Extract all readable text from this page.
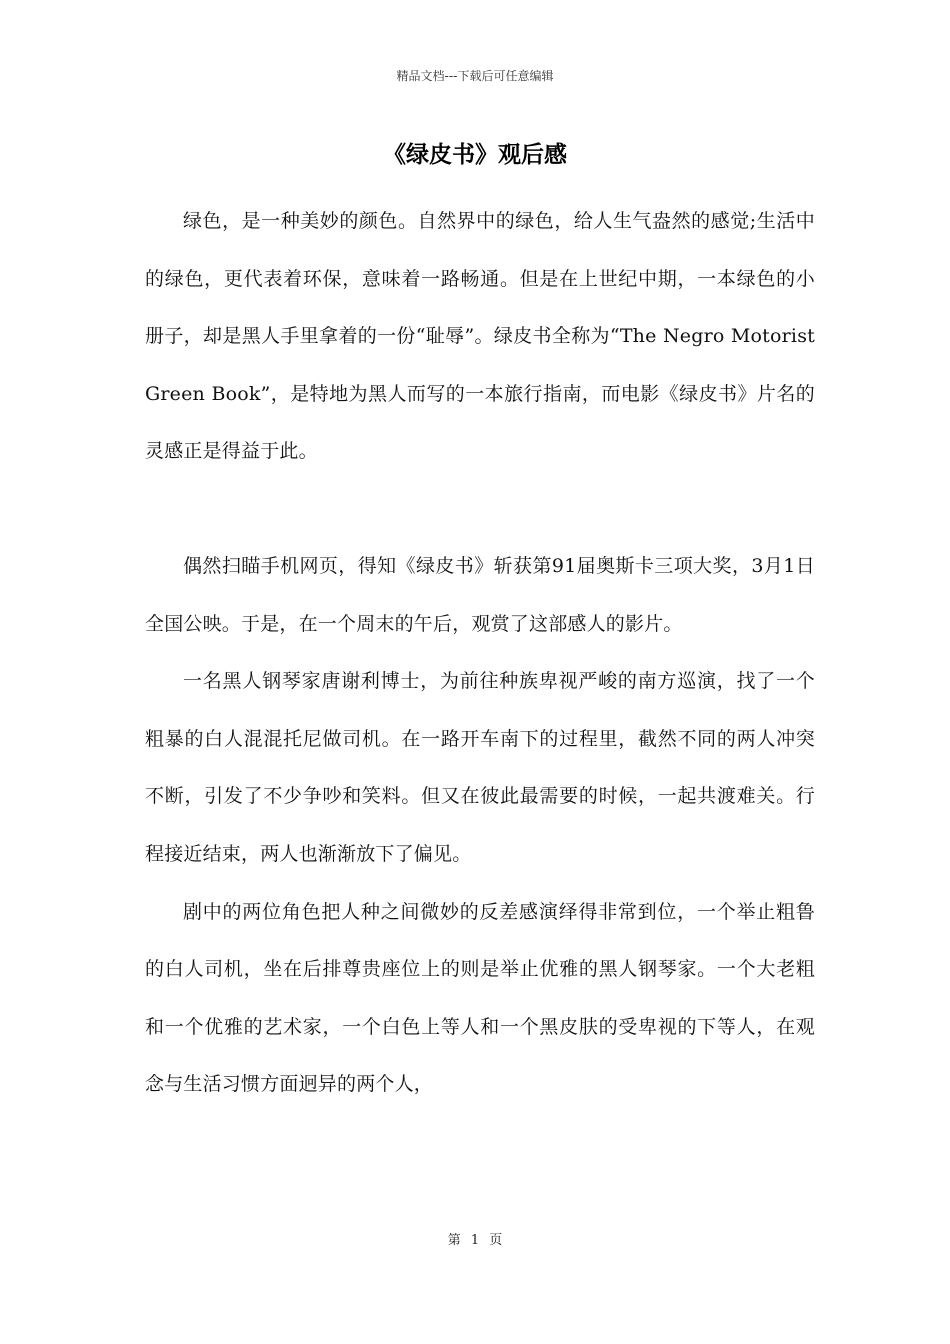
精品文档---下载后可任意编辑
《绿皮书》观后感

绿色，是一种美妙的颜色。自然界中的绿色，给人生气盎然的感觉;生活中的绿色，更代表着环保，意味着一路畅通。但是在上世纪中期，一本绿色的小册子，却是黑人手里拿着的一份“耻辱”。绿皮书全称为“The Negro Motorist Green Book”，是特地为黑人而写的一本旅行指南，而电影《绿皮书》片名的灵感正是得益于此。

偶然扫瞄手机网页，得知《绿皮书》斩获第91届奥斯卡三项大奖，3月1日全国公映。于是，在一个周末的午后，观赏了这部感人的影片。

一名黑人钢琴家唐谢利博士，为前往种族卑视严峻的南方巡演，找了一个粗暴的白人混混托尼做司机。在一路开车南下的过程里，截然不同的两人冲突不断，引发了不少争吵和笑料。但又在彼此最需要的时候，一起共渡难关。行程接近结束，两人也渐渐放下了偏见。

剧中的两位角色把人种之间微妙的反差感演绎得非常到位，一个举止粗鲁的白人司机，坐在后排尊贵座位上的则是举止优雅的黑人钢琴家。一个大老粗和一个优雅的艺术家，一个白色上等人和一个黑皮肤的受卑视的下等人，在观念与生活习惯方面迥异的两个人，

第 1 页
